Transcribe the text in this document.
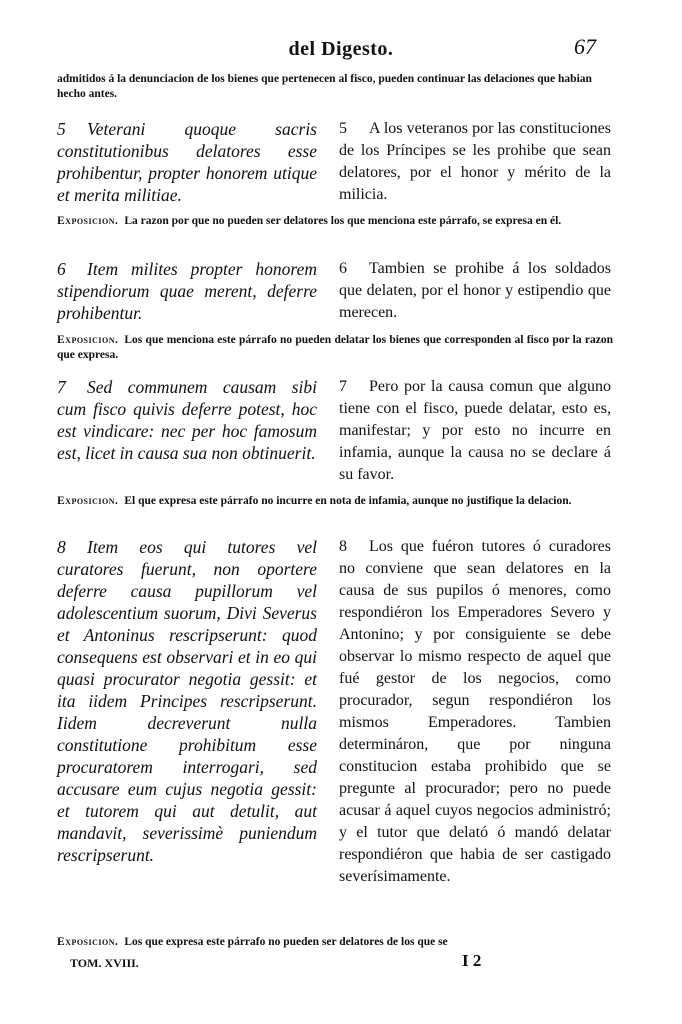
del Digesto.	67
admitidos á la denunciacion de los bienes que pertenecen al fisco, pueden continuar las delaciones que habian hecho antes.
5 Veterani quoque sacris constitutionibus delatores esse prohibentur, propter honorem utique et merita militiae.
5 A los veteranos por las constituciones de los Príncipes se les prohibe que sean delatores, por el honor y mérito de la milicia.
Exposicion. La razon por que no pueden ser delatores los que menciona este párrafo, se expresa en él.
6 Item milites propter honorem stipendiorum quae merent, deferre prohibentur.
6 Tambien se prohibe á los soldados que delaten, por el honor y estipendio que merecen.
Exposicion. Los que menciona este párrafo no pueden delatar los bienes que corresponden al fisco por la razon que expresa.
7 Sed communem causam sibi cum fisco quivis deferre potest, hoc est vindicare: nec per hoc famosum est, licet in causa sua non obtinuerit.
7 Pero por la causa comun que alguno tiene con el fisco, puede delatar, esto es, manifestar; y por esto no incurre en infamia, aunque la causa no se declare á su favor.
Exposicion. El que expresa este párrafo no incurre en nota de infamia, aunque no justifique la delacion.
8 Item eos qui tutores vel curatores fuerunt, non oportere deferre causa pupillorum vel adolescentium suorum, Divi Severus et Antoninus rescripserunt: quod consequens est observari et in eo qui quasi procurator negotia gessit: et ita iidem Principes rescripserunt. Iidem decreverunt nulla constitutione prohibitum esse procuratorem interrogari, sed accusare eum cujus negotia gessit: et tutorem qui aut detulit, aut mandavit, severissimè puniendum rescripserunt.
8 Los que fuéron tutores ó curadores no conviene que sean delatores en la causa de sus pupilos ó menores, como respondiéron los Emperadores Severo y Antonino; y por consiguiente se debe observar lo mismo respecto de aquel que fué gestor de los negocios, como procurador, segun respondiéron los mismos Emperadores. Tambien determináron, que por ninguna constitucion estaba prohibido que se pregunte al procurador; pero no puede acusar á aquel cuyos negocios administró; y el tutor que delató ó mandó delatar respondiéron que habia de ser castigado severísimamente.
Exposicion. Los que expresa este párrafo no pueden ser delatores de los que se
TOM. XVIII.	I 2
